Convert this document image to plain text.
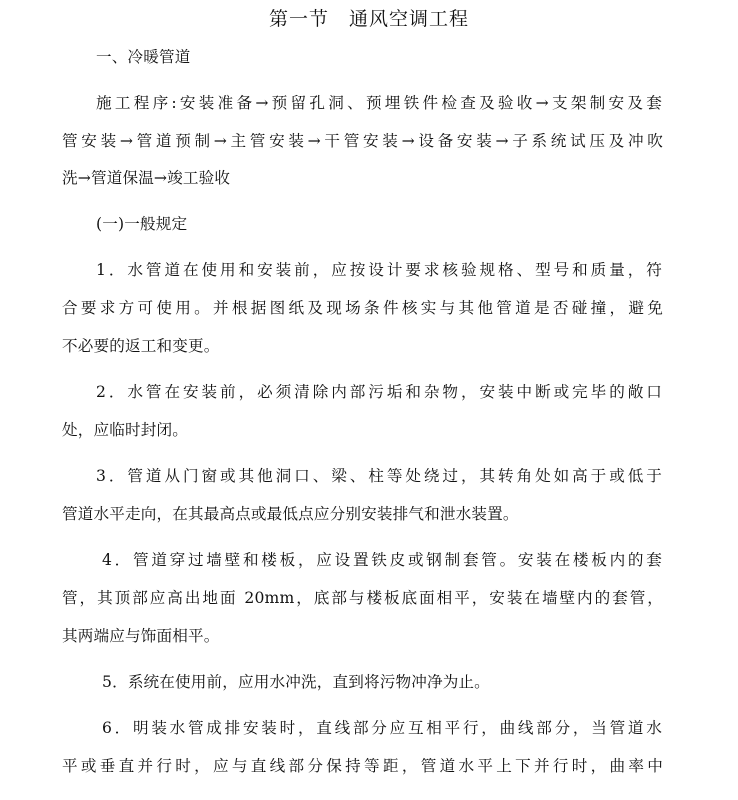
第一节　通风空调工程
一、冷暖管道
施工程序:安装准备→预留孔洞、预埋铁件检查及验收→支架制安及套
管安装→管道预制→主管安装→干管安装→设备安装→子系统试压及冲吹
洗→管道保温→竣工验收
(一)一般规定
1．水管道在使用和安装前，应按设计要求核验规格、型号和质量，符
合要求方可使用。并根据图纸及现场条件核实与其他管道是否碰撞，避免
不必要的返工和变更。
2．水管在安装前，必须清除内部污垢和杂物，安装中断或完毕的敞口
处，应临时封闭。
3．管道从门窗或其他洞口、梁、柱等处绕过，其转角处如高于或低于
管道水平走向，在其最高点或最低点应分别安装排气和泄水装置。
4．管道穿过墙壁和楼板，应设置铁皮或钢制套管。安装在楼板内的套
管，其顶部应高出地面 20mm，底部与楼板底面相平，安装在墙壁内的套管，
其两端应与饰面相平。
5．系统在使用前，应用水冲洗，直到将污物冲净为止。
6．明装水管成排安装时，直线部分应互相平行，曲线部分，当管道水
平或垂直并行时，应与直线部分保持等距，管道水平上下并行时，曲率中
